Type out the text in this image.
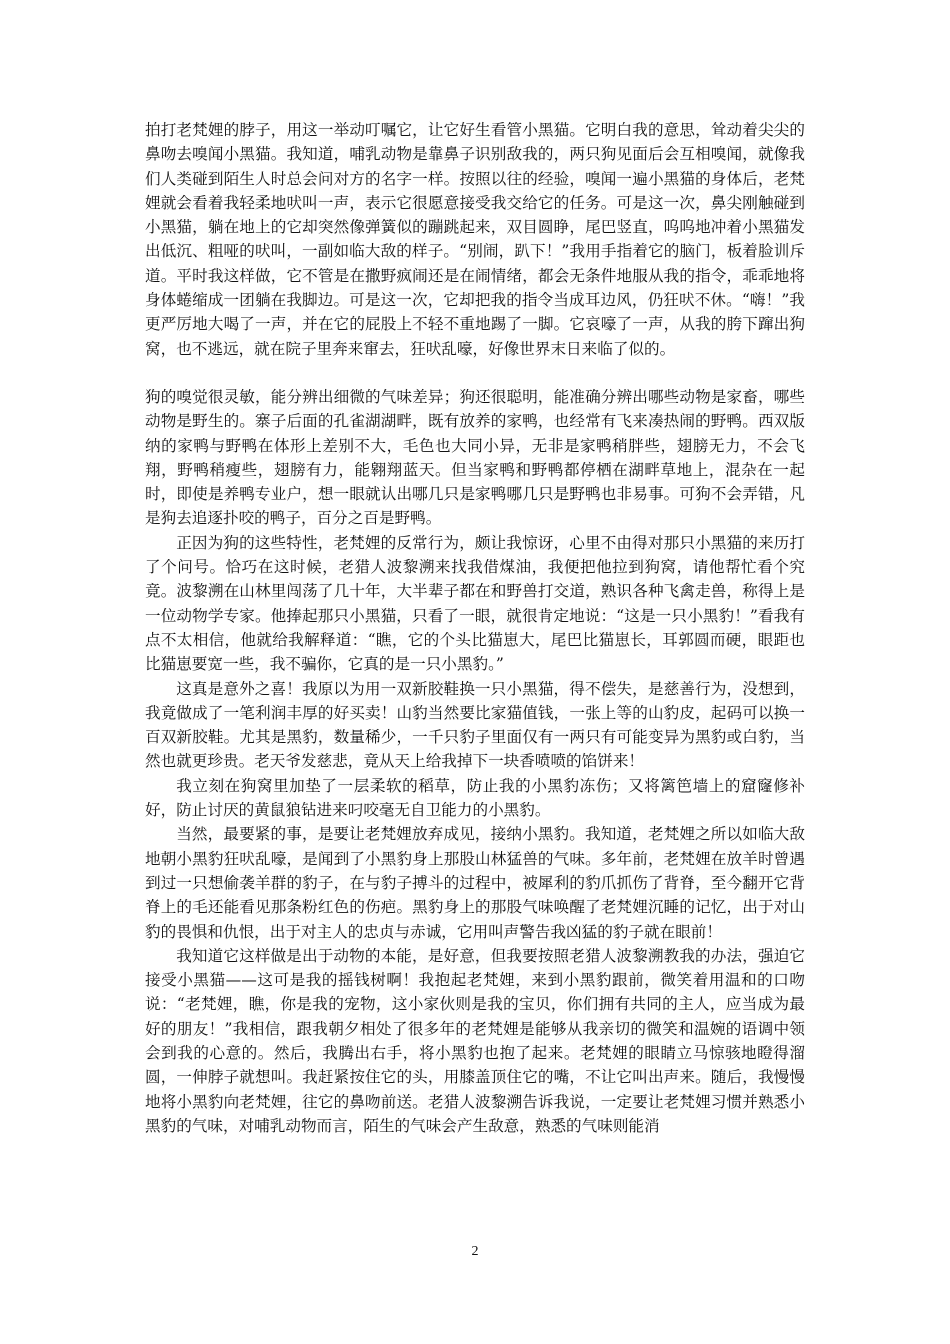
拍打老梵娌的脖子，用这一举动叮嘱它，让它好生看管小黑猫。它明白我的意思，耸动着尖尖的鼻吻去嗅闻小黑猫。我知道，哺乳动物是靠鼻子识别敌我的，两只狗见面后会互相嗅闻，就像我们人类碰到陌生人时总会问对方的名字一样。按照以往的经验，嗅闻一遍小黑猫的身体后，老梵娌就会看着我轻柔地吠叫一声，表示它很愿意接受我交给它的任务。可是这一次，鼻尖刚触碰到小黑猫，躺在地上的它却突然像弹簧似的蹦跳起来，双目圆睁，尾巴竖直，呜呜地冲着小黑猫发出低沉、粗哑的吠叫，一副如临大敌的样子。“别闹，趴下！”我用手指着它的脑门，板着脸训斥道。平时我这样做，它不管是在撒野疯闹还是在闹情绪，都会无条件地服从我的指令，乖乖地将身体蜷缩成一团躺在我脚边。可是这一次，它却把我的指令当成耳边风，仍狂吠不休。“嗨！”我更严厉地大喝了一声，并在它的屁股上不轻不重地踢了一脚。它哀嚎了一声，从我的胯下蹿出狗窝，也不逃远，就在院子里奔来窜去，狂吠乱嚎，好像世界末日来临了似的。

狗的嗅觉很灵敏，能分辨出细微的气味差异；狗还很聪明，能准确分辨出哪些动物是家畜，哪些动物是野生的。寨子后面的孔雀湖湖畔，既有放养的家鸭，也经常有飞来凑热闹的野鸭。西双版纳的家鸭与野鸭在体形上差别不大，毛色也大同小异，无非是家鸭稍胖些，翅膀无力，不会飞翔，野鸭稍瘦些，翅膀有力，能翱翔蓝天。但当家鸭和野鸭都停栖在湖畔草地上，混杂在一起时，即使是养鸭专业户，想一眼就认出哪几只是家鸭哪几只是野鸭也非易事。可狗不会弄错，凡是狗去追逐扑咬的鸭子，百分之百是野鸭。

正因为狗的这些特性，老梵娌的反常行为，颇让我惊讶，心里不由得对那只小黑猫的来历打了个问号。恰巧在这时候，老猎人波黎溯来找我借煤油，我便把他拉到狗窝，请他帮忙看个究竟。波黎溯在山林里闯荡了几十年，大半辈子都在和野兽打交道，熟识各种飞禽走兽，称得上是一位动物学专家。他捧起那只小黑猫，只看了一眼，就很肯定地说：“这是一只小黑豹！”看我有点不太相信，他就给我解释道：“瞧，它的个头比猫崽大，尾巴比猫崽长，耳郭圆而硬，眼距也比猫崽要宽一些，我不骗你，它真的是一只小黑豹。”

这真是意外之喜！我原以为用一双新胶鞋换一只小黑猫，得不偿失，是慈善行为，没想到，我竟做成了一笔利润丰厚的好买卖！山豹当然要比家猫值钱，一张上等的山豹皮，起码可以换一百双新胶鞋。尤其是黑豹，数量稀少，一千只豹子里面仅有一两只有可能变异为黑豹或白豹，当然也就更珍贵。老天爷发慈悲，竟从天上给我掉下一块香喷喷的馅饼来！

我立刻在狗窝里加垫了一层柔软的稻草，防止我的小黑豹冻伤；又将篱笆墙上的窟窿修补好，防止讨厌的黄鼠狼钻进来叼咬毫无自卫能力的小黑豹。

当然，最要紧的事，是要让老梵娌放弃成见，接纳小黑豹。我知道，老梵娌之所以如临大敌地朝小黑豹狂吠乱嚎，是闻到了小黑豹身上那股山林猛兽的气味。多年前，老梵娌在放羊时曾遇到过一只想偷袭羊群的豹子，在与豹子搏斗的过程中，被犀利的豹爪抓伤了背脊，至今翻开它背脊上的毛还能看见那条粉红色的伤疤。黑豹身上的那股气味唤醒了老梵娌沉睡的记忆，出于对山豹的畏惧和仇恨，出于对主人的忠贞与赤诚，它用叫声警告我凶猛的豹子就在眼前！

我知道它这样做是出于动物的本能，是好意，但我要按照老猎人波黎溯教我的办法，强迫它接受小黑猫——这可是我的摇钱树啊！我抱起老梵娌，来到小黑豹跟前，微笑着用温和的口吻说：“老梵娌，瞧，你是我的宠物，这小家伙则是我的宝贝，你们拥有共同的主人，应当成为最好的朋友！”我相信，跟我朝夕相处了很多年的老梵娌是能够从我亲切的微笑和温婉的语调中领会到我的心意的。然后，我腾出右手，将小黑豹也抱了起来。老梵娌的眼睛立马惊骇地瞪得溜圆，一伸脖子就想叫。我赶紧按住它的头，用膝盖顶住它的嘴，不让它叫出声来。随后，我慢慢地将小黑豹向老梵娌，往它的鼻吻前送。老猎人波黎溯告诉我说，一定要让老梵娌习惯并熟悉小黑豹的气味，对哺乳动物而言，陌生的气味会产生敌意，熟悉的气味则能消

2
